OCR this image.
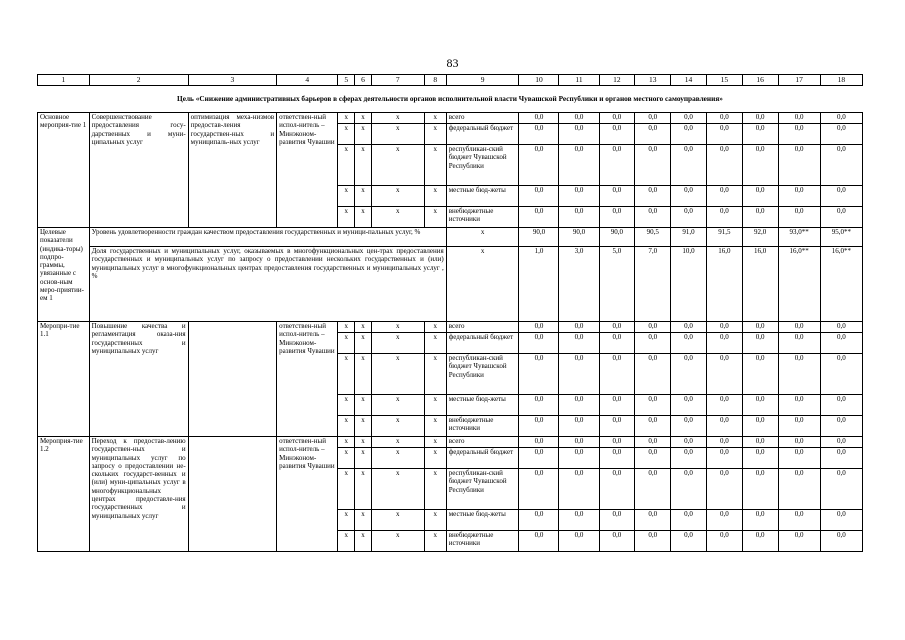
83
1	2	3	4	5	6	7	8	9	10	11	12	13	14	15	16	17	18
Цель «Снижение административных барьеров в сферах деятельности органов исполнительной власти Чувашской Республики и органов местного самоуправления»																	
Основное мероприя-тие 1	Совершенствование предоставления госу-дарственных и муни-ципальных услуг	оптимизация меха-низмов предостав-ления государствен-ных и муниципаль-ных услуг	ответствен-ный испол-нитель – Минэконом-развития Чувашии	x	x	x	x	всего	0,0	0,0	0,0	0,0	0,0	0,0	0,0	0,0	0,0
				x	x	x	x	федеральный бюджет	0,0	0,0	0,0	0,0	0,0	0,0	0,0	0,0	0,0
				x	x	x	x	республикан-ский бюджет Чувашской Республики	0,0	0,0	0,0	0,0	0,0	0,0	0,0	0,0	0,0
				x	x	x	x	местные бюд-жеты	0,0	0,0	0,0	0,0	0,0	0,0	0,0	0,0	0,0
				x	x	x	x	внебюджетные источники	0,0	0,0	0,0	0,0	0,0	0,0	0,0	0,0	0,0
Целевые показатели (индика-торы) подпро-граммы, увязанные с основ-ным меро-приятии-ем 1	Уровень удовлетворенности граждан качеством предоставления государственных и муници-пальных услуг, %							x	90,0	90,0	90,0	90,5	91,0	91,5	92,0	93,0**	95,0**
	Доля государственных и муниципальных услуг, оказываемых в многофункциональных цен-трах предоставления государственных и муниципальных услуг по запросу о предоставлении нескольких государственных и (или) муниципальных услуг в многофункциональных центрах предоставления государственных и муниципальных услуг , %							x	1,0	3,0	5,0	7,0	10,0	16,0	16,0	16,0**	16,0**
Меропри-тие 1.1	Повышение качества и регламентация оказа-ния государственных и муниципальных услуг		ответствен-ный испол-нитель – Минэконом-развития Чувашии	x	x	x	x	всего	0,0	0,0	0,0	0,0	0,0	0,0	0,0	0,0	0,0
				x	x	x	x	федеральный бюджет	0,0	0,0	0,0	0,0	0,0	0,0	0,0	0,0	0,0
				x	x	x	x	республикан-ский бюджет Чувашской Республики	0,0	0,0	0,0	0,0	0,0	0,0	0,0	0,0	0,0
				x	x	x	x	местные бюд-жеты	0,0	0,0	0,0	0,0	0,0	0,0	0,0	0,0	0,0
				x	x	x	x	внебюджетные источники	0,0	0,0	0,0	0,0	0,0	0,0	0,0	0,0	0,0
Мероприя-тие 1.2	Переход к предостав-лению государствен-ных и муниципальных услуг по запросу о предоставлении не-скольких государст-венных и (или) муни-ципальных услуг в многофункциональных центрах предоставле-ния государственных и муниципальных услуг		ответствен-ный испол-нитель – Минэконом-развития Чувашии	x	x	x	x	всего	0,0	0,0	0,0	0,0	0,0	0,0	0,0	0,0	0,0
				x	x	x	x	федеральный бюджет	0,0	0,0	0,0	0,0	0,0	0,0	0,0	0,0	0,0
				x	x	x	x	республикан-ский бюджет Чувашской Республики	0,0	0,0	0,0	0,0	0,0	0,0	0,0	0,0	0,0
				x	x	x	x	местные бюд-жеты	0,0	0,0	0,0	0,0	0,0	0,0	0,0	0,0	0,0
				x	x	x	x	внебюджетные источники	0,0	0,0	0,0	0,0	0,0	0,0	0,0	0,0	0,0
